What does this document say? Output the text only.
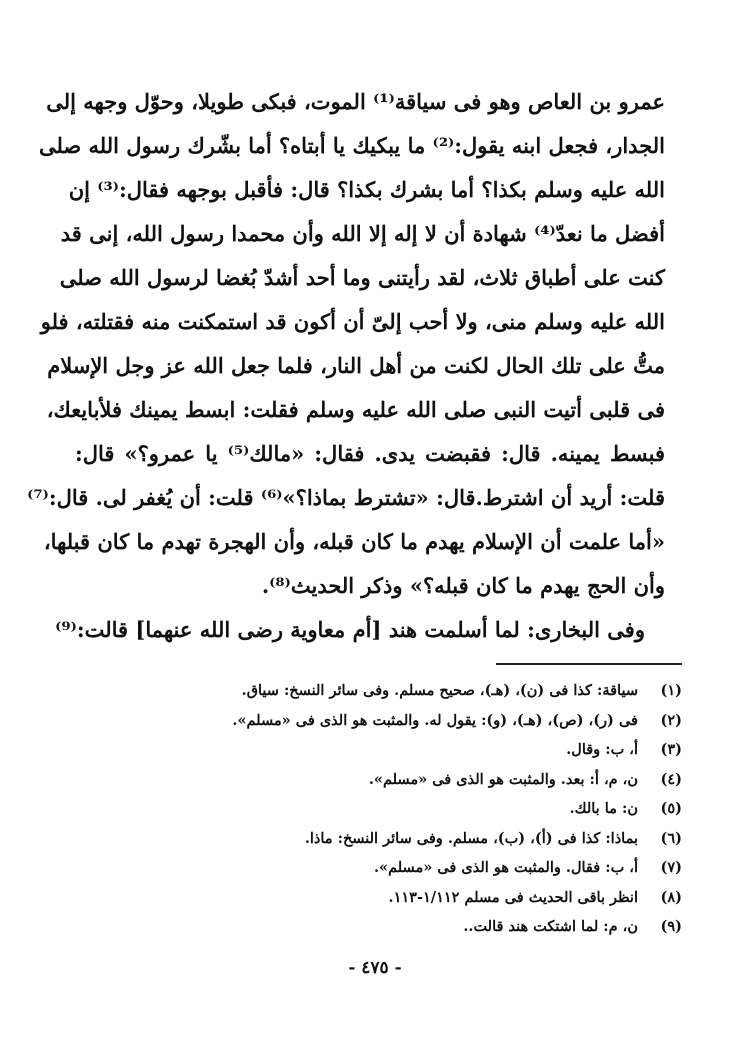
عمرو بن العاص وهو فى سياقة⁽¹⁾ الموت، فبكى طويلا، وحوّل وجهه إلى
الجدار، فجعل ابنه يقول:⁽²⁾ ما يبكيك يا أبتاه؟ أما بشّرك رسول الله صلى
الله عليه وسلم بكذا؟ أما بشرك بكذا؟ قال: فأقبل بوجهه فقال:⁽³⁾ إن
أفضل ما نعدّ⁽⁴⁾ شهادة أن لا إله إلا الله وأن محمدا رسول الله، إنى قد
كنت على أطباق ثلاث، لقد رأيتنى وما أحد أشدّ بُغضا لرسول الله صلى
الله عليه وسلم منى، ولا أحب إلىّ أن أكون قد استمكنت منه فقتلته، فلو
متُّ على تلك الحال لكنت من أهل النار، فلما جعل الله عز وجل الإسلام
فى قلبى أتيت النبى صلى الله عليه وسلم فقلت: ابسط يمينك فلأبايعك،
فبسط يمينه. قال: فقبضت يدى. فقال: «مالك⁽⁵⁾ يا عمرو؟» قال:
قلت: أريد أن اشترط.قال: «تشترط بماذا؟»⁽⁶⁾ قلت: أن يُغفر لى. قال:⁽⁷⁾
«أما علمت أن الإسلام يهدم ما كان قبله، وأن الهجرة تهدم ما كان قبلها،
وأن الحج يهدم ما كان قبله؟» وذكر الحديث⁽⁸⁾.
وفى البخارى: لما أسلمت هند [أم معاوية رضى الله عنهما] قالت:⁽⁹⁾
(١)
سياقة: كذا فى (ن)، (هـ)، صحيح مسلم. وفى سائر النسخ: سياق.
(٢)
فى (ر)، (ص)، (هـ)، (و): يقول له. والمثبت هو الذى فى «مسلم».
(٣)
أ، ب: وقال.
(٤)
ن، م، أ: بعد. والمثبت هو الذى فى «مسلم».
(٥)
ن: ما بالك.
(٦)
بماذا: كذا فى (أ)، (ب)، مسلم. وفى سائر النسخ: ماذا.
(٧)
أ، ب: فقال. والمثبت هو الذى فى «مسلم».
(٨)
انظر باقى الحديث فى مسلم ١/١١٢-١١٣.
(٩)
ن، م: لما اشتكت هند قالت..
- ٤٧٥ -
